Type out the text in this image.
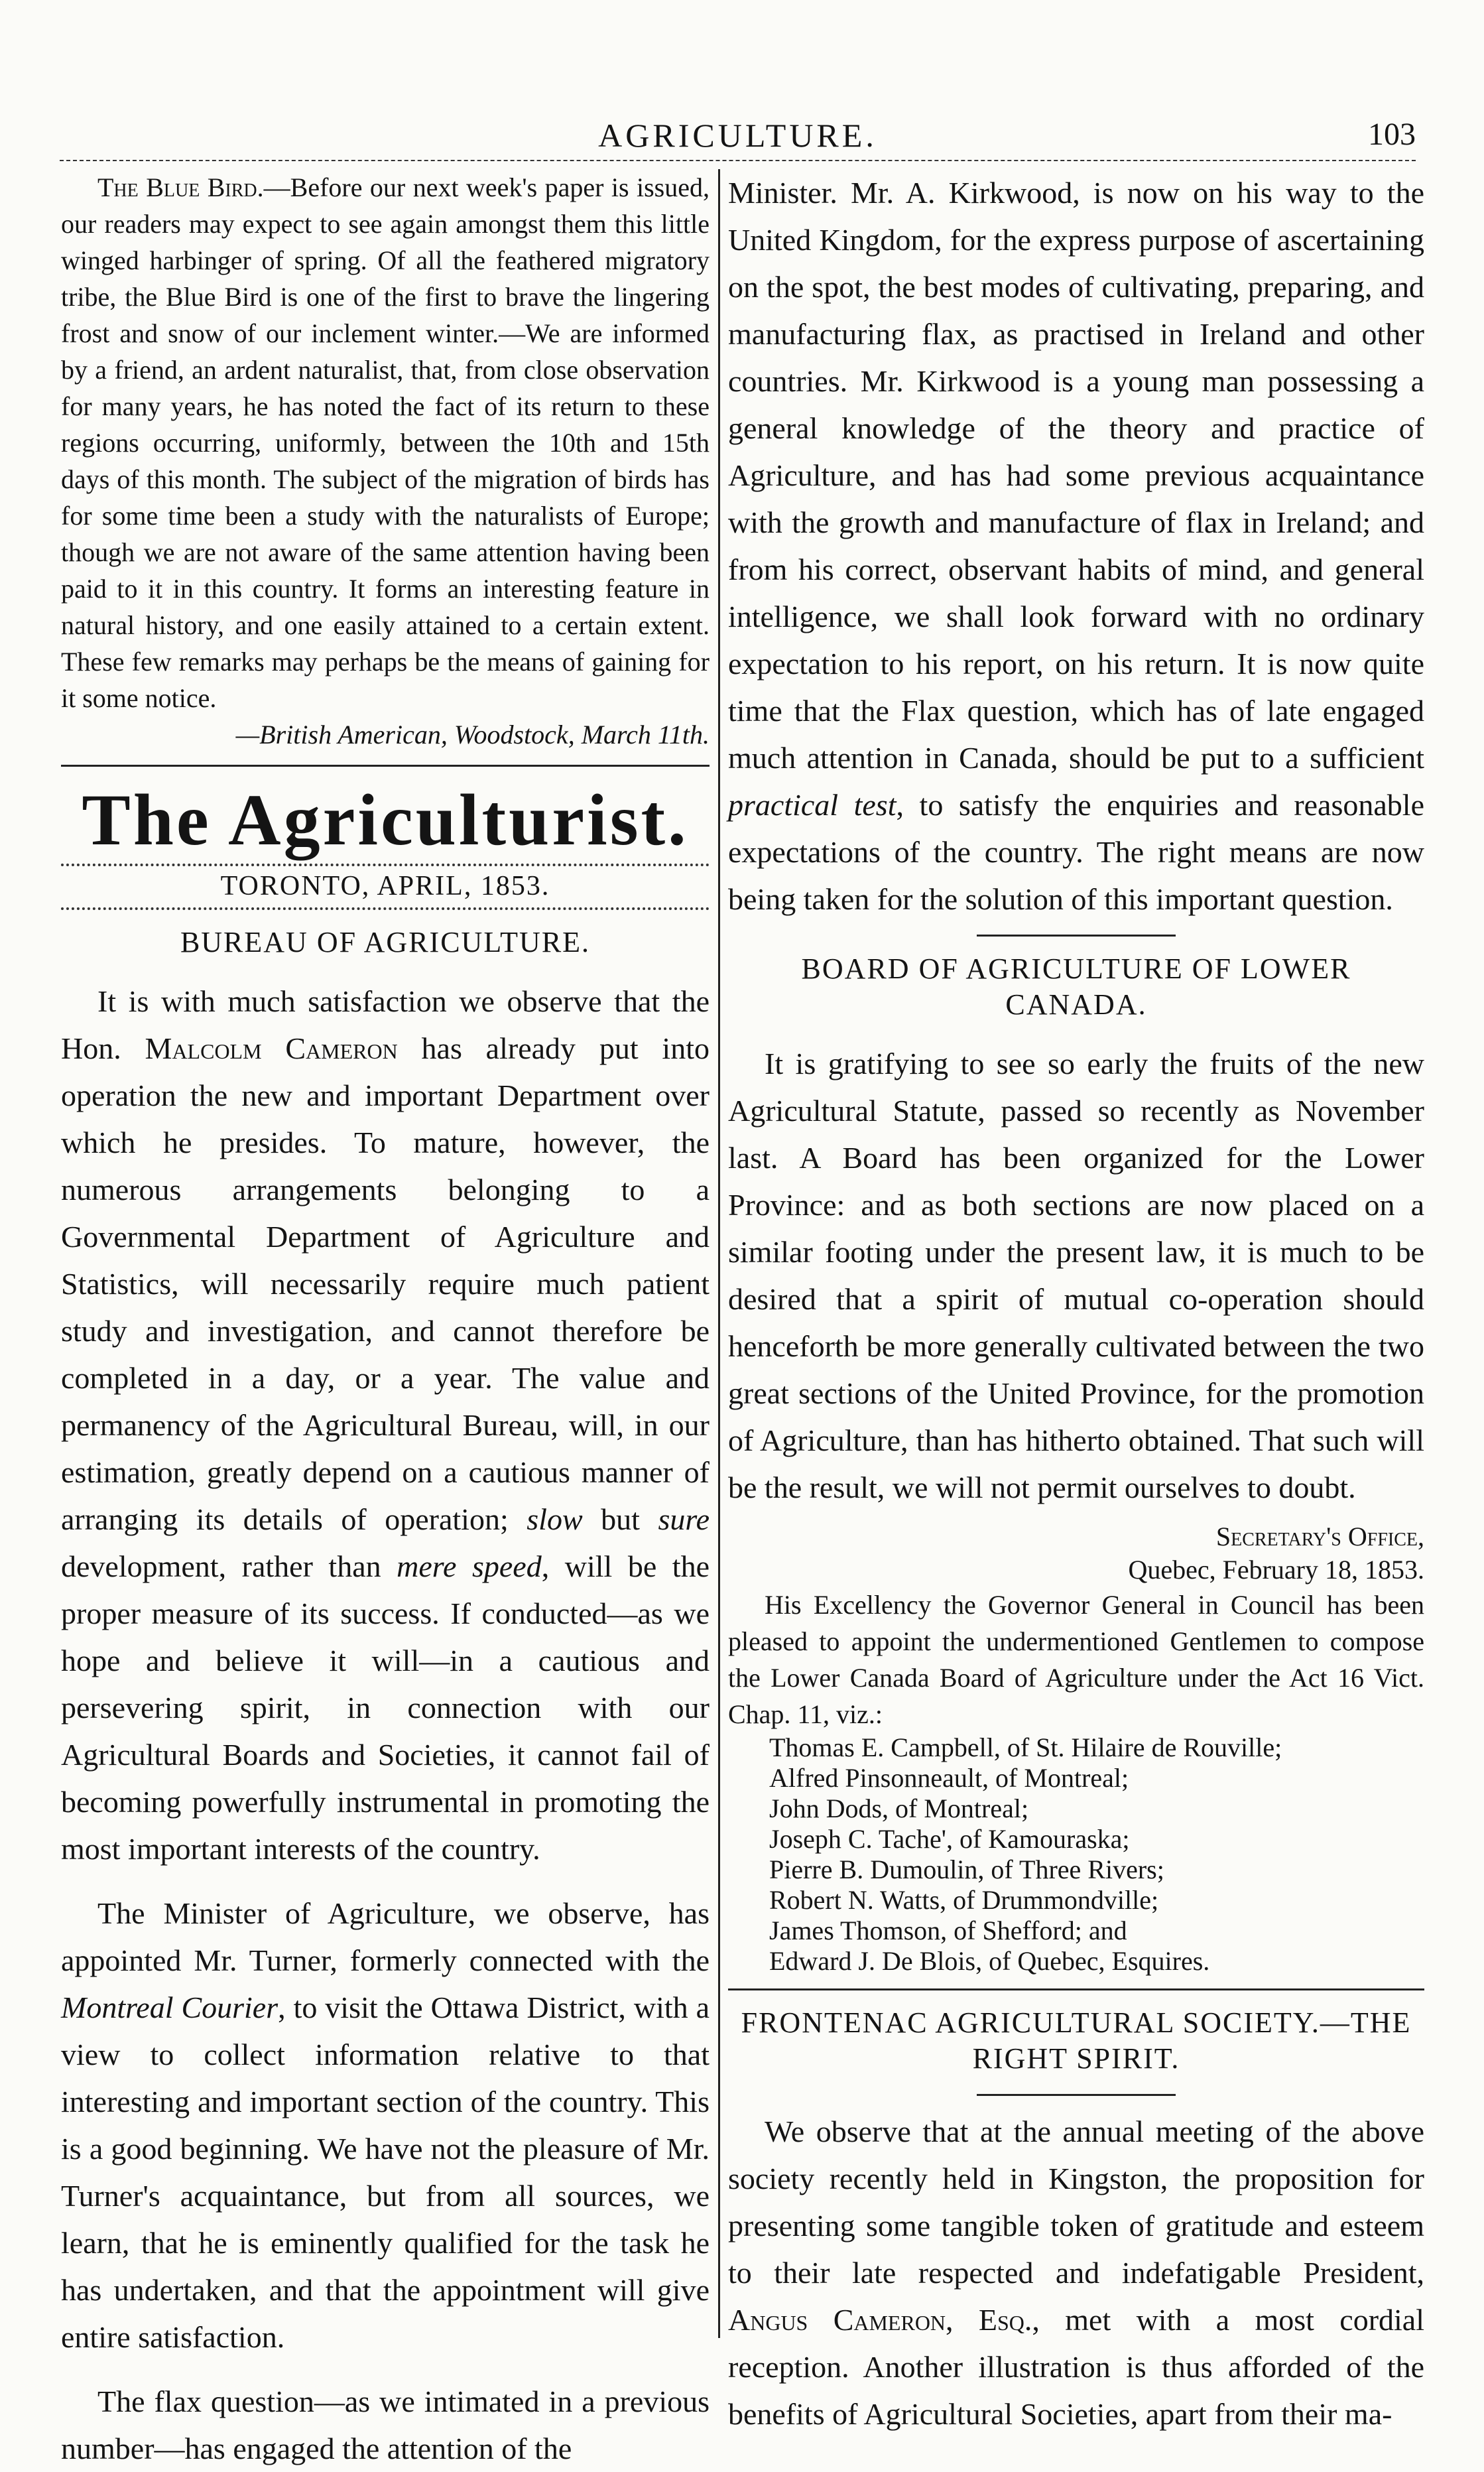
AGRICULTURE.	103

The Blue Bird.—Before our next week's paper is issued, our readers may expect to see again amongst them this little winged harbinger of spring. Of all the feathered migratory tribe, the Blue Bird is one of the first to brave the lingering frost and snow of our inclement winter.—We are informed by a friend, an ardent naturalist, that, from close observation for many years, he has noted the fact of its return to these regions occurring, uniformly, between the 10th and 15th days of this month. The subject of the migration of birds has for some time been a study with the naturalists of Europe; though we are not aware of the same attention having been paid to it in this country. It forms an interesting feature in natural history, and one easily attained to a certain extent. These few remarks may perhaps be the means of gaining for it some notice.

—British American, Woodstock, March 11th.

The Agriculturist.
TORONTO, APRIL, 1853.
BUREAU OF AGRICULTURE.

It is with much satisfaction we observe that the Hon. Malcolm Cameron has already put into operation the new and important Department over which he presides. To mature, however, the numerous arrangements belonging to a Governmental Department of Agriculture and Statistics, will necessarily require much patient study and investigation, and cannot therefore be completed in a day, or a year. The value and permanency of the Agricultural Bureau, will, in our estimation, greatly depend on a cautious manner of arranging its details of operation; slow but sure development, rather than mere speed, will be the proper measure of its success. If conducted—as we hope and believe it will—in a cautious and persevering spirit, in connection with our Agricultural Boards and Societies, it cannot fail of becoming powerfully instrumental in promoting the most important interests of the country.

The Minister of Agriculture, we observe, has appointed Mr. Turner, formerly connected with the Montreal Courier, to visit the Ottawa District, with a view to collect information relative to that interesting and important section of the country. This is a good beginning. We have not the pleasure of Mr. Turner's acquaintance, but from all sources, we learn, that he is eminently qualified for the task he has undertaken, and that the appointment will give entire satisfaction.

The flax question—as we intimated in a previous number—has engaged the attention of the

Minister. Mr. A. Kirkwood, is now on his way to the United Kingdom, for the express purpose of ascertaining on the spot, the best modes of cultivating, preparing, and manufacturing flax, as practised in Ireland and other countries. Mr. Kirkwood is a young man possessing a general knowledge of the theory and practice of Agriculture, and has had some previous acquaintance with the growth and manufacture of flax in Ireland; and from his correct, observant habits of mind, and general intelligence, we shall look forward with no ordinary expectation to his report, on his return. It is now quite time that the Flax question, which has of late engaged much attention in Canada, should be put to a sufficient practical test, to satisfy the enquiries and reasonable expectations of the country. The right means are now being taken for the solution of this important question.

BOARD OF AGRICULTURE OF LOWER CANADA.

It is gratifying to see so early the fruits of the new Agricultural Statute, passed so recently as November last. A Board has been organized for the Lower Province: and as both sections are now placed on a similar footing under the present law, it is much to be desired that a spirit of mutual co-operation should henceforth be more generally cultivated between the two great sections of the United Province, for the promotion of Agriculture, than has hitherto obtained. That such will be the result, we will not permit ourselves to doubt.

Secretary's Office,
Quebec, February 18, 1853.

His Excellency the Governor General in Council has been pleased to appoint the undermentioned Gentlemen to compose the Lower Canada Board of Agriculture under the Act 16 Vict. Chap. 11, viz.:

Thomas E. Campbell, of St. Hilaire de Rouville;
Alfred Pinsonneault, of Montreal;
John Dods, of Montreal;
Joseph C. Tache', of Kamouraska;
Pierre B. Dumoulin, of Three Rivers;
Robert N. Watts, of Drummondville;
James Thomson, of Shefford; and
Edward J. De Blois, of Quebec, Esquires.
FRONTENAC AGRICULTURAL SOCIETY.—THE RIGHT SPIRIT.

We observe that at the annual meeting of the above society recently held in Kingston, the proposition for presenting some tangible token of gratitude and esteem to their late respected and indefatigable President, Angus Cameron, Esq., met with a most cordial reception. Another illustration is thus afforded of the benefits of Agricultural Societies, apart from their ma-
